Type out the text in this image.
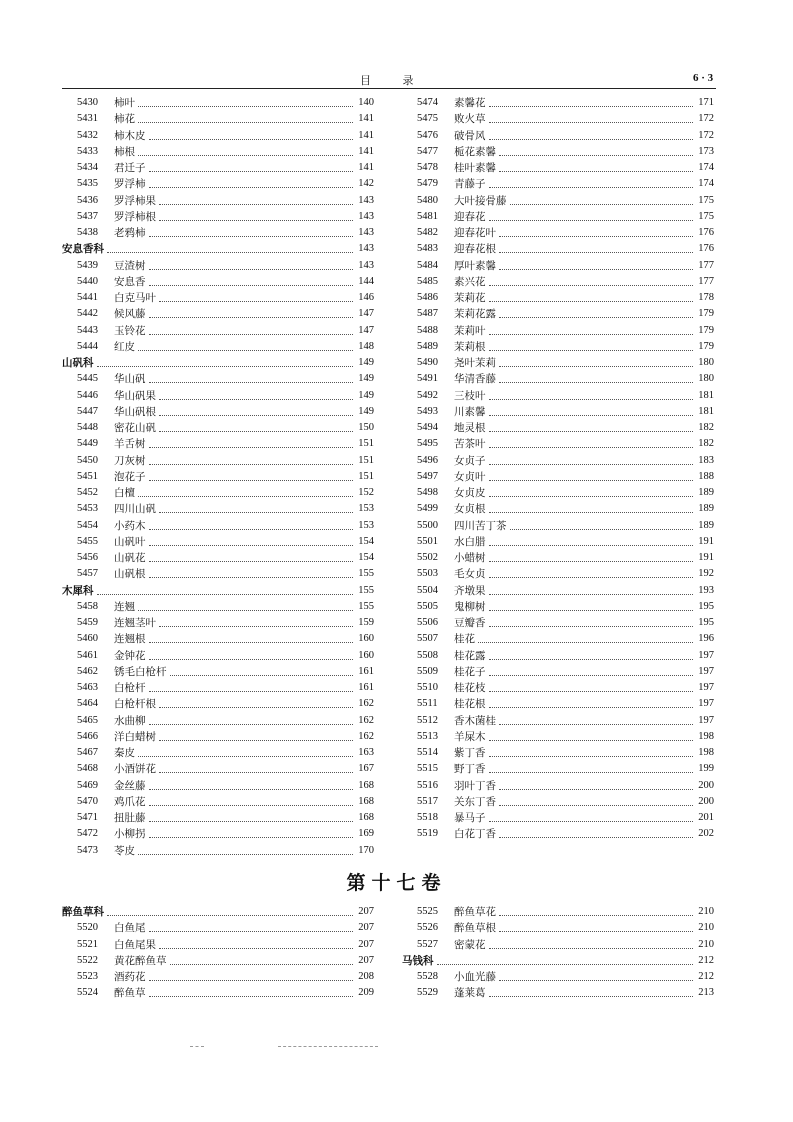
目 录	6 · 3
5430	柿叶	140
5431	柿花	141
5432	柿木皮	141
5433	柿根	141
5434	君迁子	141
5435	罗浮柿	142
5436	罗浮柿果	143
5437	罗浮柿根	143
5438	老鸦柿	143
安息香科	143
5439	豆渣树	143
5440	安息香	144
5441	白克马叶	146
5442	候风藤	147
5443	玉铃花	147
5444	红皮	148
山矾科	149
5445	华山矾	149
5446	华山矾果	149
5447	华山矾根	149
5448	密花山矾	150
5449	羊舌树	151
5450	刀灰树	151
5451	泡花子	151
5452	白檀	152
5453	四川山矾	153
5454	小药木	153
5455	山矾叶	154
5456	山矾花	154
5457	山矾根	155
木犀科	155
5458	连翘	155
5459	连翘茎叶	159
5460	连翘根	160
5461	金钟花	160
5462	锈毛白枪杆	161
5463	白枪杆	161
5464	白枪杆根	162
5465	水曲柳	162
5466	洋白蜡树	162
5467	秦皮	163
5468	小酒饼花	167
5469	金丝藤	168
5470	鸡爪花	168
5471	扭肚藤	168
5472	小柳拐	169
5473	苓皮	170
5474	素馨花	171
5475	败火草	172
5476	破骨风	172
5477	栀花素馨	173
5478	桂叶素馨	174
5479	青藤子	174
5480	大叶接骨藤	175
5481	迎春花	175
5482	迎春花叶	176
5483	迎春花根	176
5484	厚叶素馨	177
5485	素兴花	177
5486	茉莉花	178
5487	茉莉花露	179
5488	茉莉叶	179
5489	茉莉根	179
5490	尧叶茉莉	180
5491	华清香藤	180
5492	三枝叶	181
5493	川素馨	181
5494	地灵根	182
5495	苦茶叶	182
5496	女贞子	183
5497	女贞叶	188
5498	女贞皮	189
5499	女贞根	189
5500	四川苦丁茶	189
5501	水白腊	191
5502	小蜡树	191
5503	毛女贞	192
5504	齐墩果	193
5505	鬼柳树	195
5506	豆瓣香	195
5507	桂花	196
5508	桂花露	197
5509	桂花子	197
5510	桂花枝	197
5511	桂花根	197
5512	香木菌桂	197
5513	羊屎木	198
5514	紫丁香	198
5515	野丁香	199
5516	羽叶丁香	200
5517	关东丁香	200
5518	暴马子	201
5519	白花丁香	202
第十七卷
醉鱼草科	207
5520	白鱼尾	207
5521	白鱼尾果	207
5522	黄花醉鱼草	207
5523	酒药花	208
5524	醉鱼草	209
5525	醉鱼草花	210
5526	醉鱼草根	210
5527	密蒙花	210
马钱科	212
5528	小血光藤	212
5529	蓬莱葛	213
